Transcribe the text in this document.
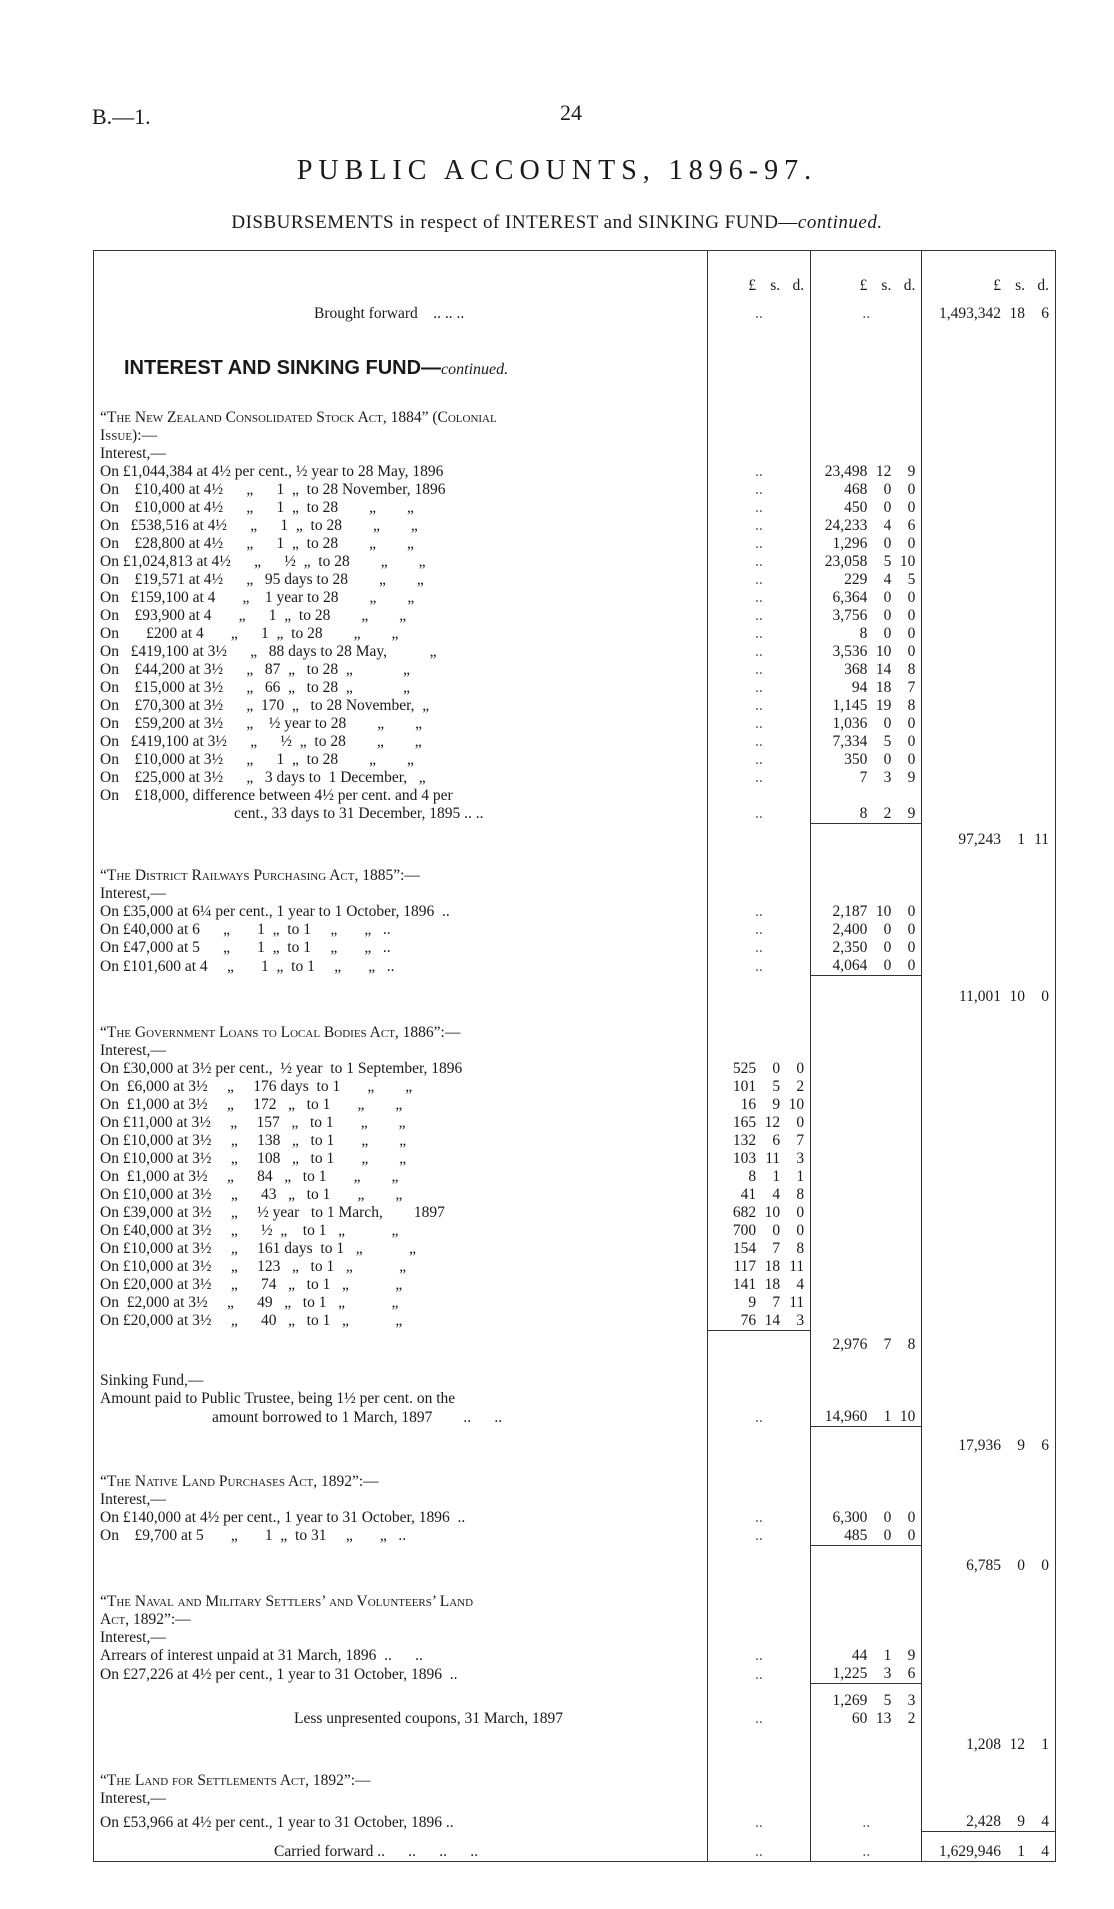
B.—1.	24
PUBLIC ACCOUNTS, 1896-97.
DISBURSEMENTS in respect of INTEREST and SINKING FUND—continued.

	£ s. d.	£ s. d.	£ s. d.

Brought forward .. .. ..	..	..	1,493,342 18 6

INTEREST AND SINKING FUND—continued.			

“The New Zealand Consolidated Stock Act, 1884” (Colonial			
Issue):—			
Interest,—			
On £1,044,384 at 4½ per cent., ½ year to 28 May, 1896	..	23,498 12 9	

On    £10,400 at 4½      „      1  „  to 28 November, 1896	..	468 0 0	

On    £10,000 at 4½      „      1  „  to 28        „        „	..	450 0 0	

On   £538,516 at 4½      „      1  „  to 28        „        „	..	24,233 4 6	

On    £28,800 at 4½      „      1  „  to 28        „        „	..	1,296 0 0	

On £1,024,813 at 4½      „      ½  „  to 28        „        „	..	23,058 5 10	

On    £19,571 at 4½      „   95 days to 28        „        „	..	229 4 5	

On   £159,100 at 4       „    1 year to 28        „        „	..	6,364 0 0	

On    £93,900 at 4       „      1  „  to 28        „        „	..	3,756 0 0	

On       £200 at 4       „      1  „  to 28        „        „	..	8 0 0	

On   £419,100 at 3½      „   88 days to 28 May,           „	..	3,536 10 0	

On    £44,200 at 3½      „   87  „   to 28  „             „	..	368 14 8	

On    £15,000 at 3½      „   66  „   to 28  „             „	..	94 18 7	

On    £70,300 at 3½      „  170  „   to 28 November,  „	..	1,145 19 8	

On    £59,200 at 3½      „    ½ year to 28        „        „	..	1,036 0 0	

On   £419,100 at 3½      „      ½  „  to 28        „        „	..	7,334 5 0	

On    £10,000 at 3½      „      1  „  to 28        „        „	..	350 0 0	

On    £25,000 at 3½      „   3 days to  1 December,   „	..	7 3 9	

On    £18,000, difference between 4½ per cent. and 4 per			
cent., 33 days to 31 December, 1895 .. ..	..	8 2 9	

			97,243 1 11

“The District Railways Purchasing Act, 1885”:—			
Interest,—			
On £35,000 at 6¼ per cent., 1 year to 1 October, 1896  ..	..	2,187 10 0	

On £40,000 at 6      „       1  „  to 1     „       „   ..	..	2,400 0 0	

On £47,000 at 5      „       1  „  to 1     „       „   ..	..	2,350 0 0	

On £101,600 at 4     „       1  „  to 1     „       „   ..	..	4,064 0 0	

			11,001 10 0

“The Government Loans to Local Bodies Act, 1886”:—			
Interest,—			
On £30,000 at 3½ per cent.,  ½ year  to 1 September, 1896	525 0 0		

On  £6,000 at 3½     „     176 days  to 1       „        „	101 5 2		

On  £1,000 at 3½     „     172   „   to 1       „        „	16 9 10		

On £11,000 at 3½     „     157   „   to 1       „        „	165 12 0		

On £10,000 at 3½     „     138   „   to 1       „        „	132 6 7		

On £10,000 at 3½     „     108   „   to 1       „        „	103 11 3		

On  £1,000 at 3½     „      84   „   to 1       „        „	8 1 1		

On £10,000 at 3½     „      43   „   to 1       „        „	41 4 8		

On £39,000 at 3½     „     ½ year   to 1 March,        1897	682 10 0		

On £40,000 at 3½     „      ½  „    to 1   „            „	700 0 0		

On £10,000 at 3½     „     161 days  to 1   „            „	154 7 8		

On £10,000 at 3½     „     123   „   to 1   „            „	117 18 11		

On £20,000 at 3½     „      74   „   to 1   „            „	141 18 4		

On  £2,000 at 3½     „      49   „   to 1   „            „	9 7 11		

On £20,000 at 3½     „      40   „   to 1   „            „	76 14 3		

		2,976 7 8	

Sinking Fund,—			
Amount paid to Public Trustee, being 1½ per cent. on the			
amount borrowed to 1 March, 1897        ..      ..	..	14,960 1 10	

			17,936 9 6

“The Native Land Purchases Act, 1892”:—			
Interest,—			
On £140,000 at 4½ per cent., 1 year to 31 October, 1896  ..	..	6,300 0 0	

On    £9,700 at 5       „       1  „  to 31     „       „   ..	..	485 0 0	

			6,785 0 0

“The Naval and Military Settlers’ and Volunteers’ Land			
Act, 1892”:—			
Interest,—			
Arrears of interest unpaid at 31 March, 1896  ..      ..	..	44 1 9	

On £27,226 at 4½ per cent., 1 year to 31 October, 1896  ..	..	1,225 3 6	

		1,269 5 3	

Less unpresented coupons, 31 March, 1897	..	60 13 2	

			1,208 12 1

“The Land for Settlements Act, 1892”:—			
Interest,—			
On £53,966 at 4½ per cent., 1 year to 31 October, 1896 ..	..	..	2,428 9 4

Carried forward ..      ..      ..      ..	..	..	1,629,946 1 4
